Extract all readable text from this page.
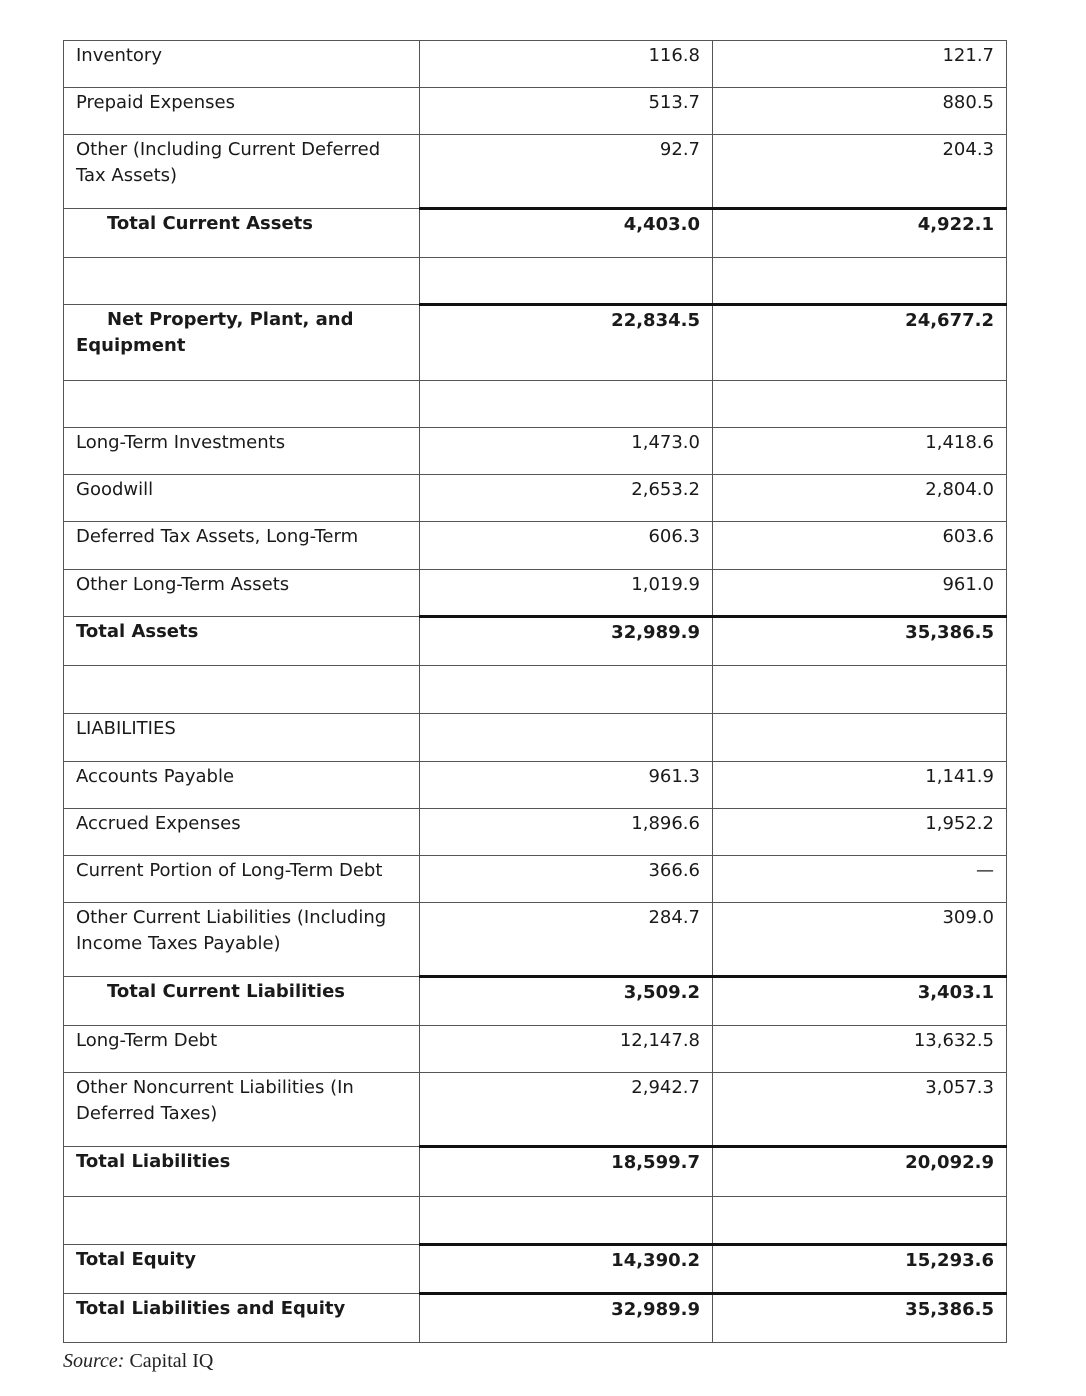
Inventory	116.8	121.7

Prepaid Expenses	513.7	880.5

Other (Including Current Deferred Tax Assets)	92.7	204.3

Total Current Assets	4,403.0	4,922.1

Net Property, Plant, and Equipment	22,834.5	24,677.2

Long-Term Investments	1,473.0	1,418.6

Goodwill	2,653.2	2,804.0

Deferred Tax Assets, Long-Term	606.3	603.6

Other Long-Term Assets	1,019.9	961.0

Total Assets	32,989.9	35,386.5

LIABILITIES		

Accounts Payable	961.3	1,141.9

Accrued Expenses	1,896.6	1,952.2

Current Portion of Long-Term Debt	366.6	—

Other Current Liabilities (Including Income Taxes Payable)	284.7	309.0

Total Current Liabilities	3,509.2	3,403.1

Long-Term Debt	12,147.8	13,632.5

Other Noncurrent Liabilities (In Deferred Taxes)	2,942.7	3,057.3

Total Liabilities	18,599.7	20,092.9

Total Equity	14,390.2	15,293.6

Total Liabilities and Equity	32,989.9	35,386.5
Source: Capital IQ
